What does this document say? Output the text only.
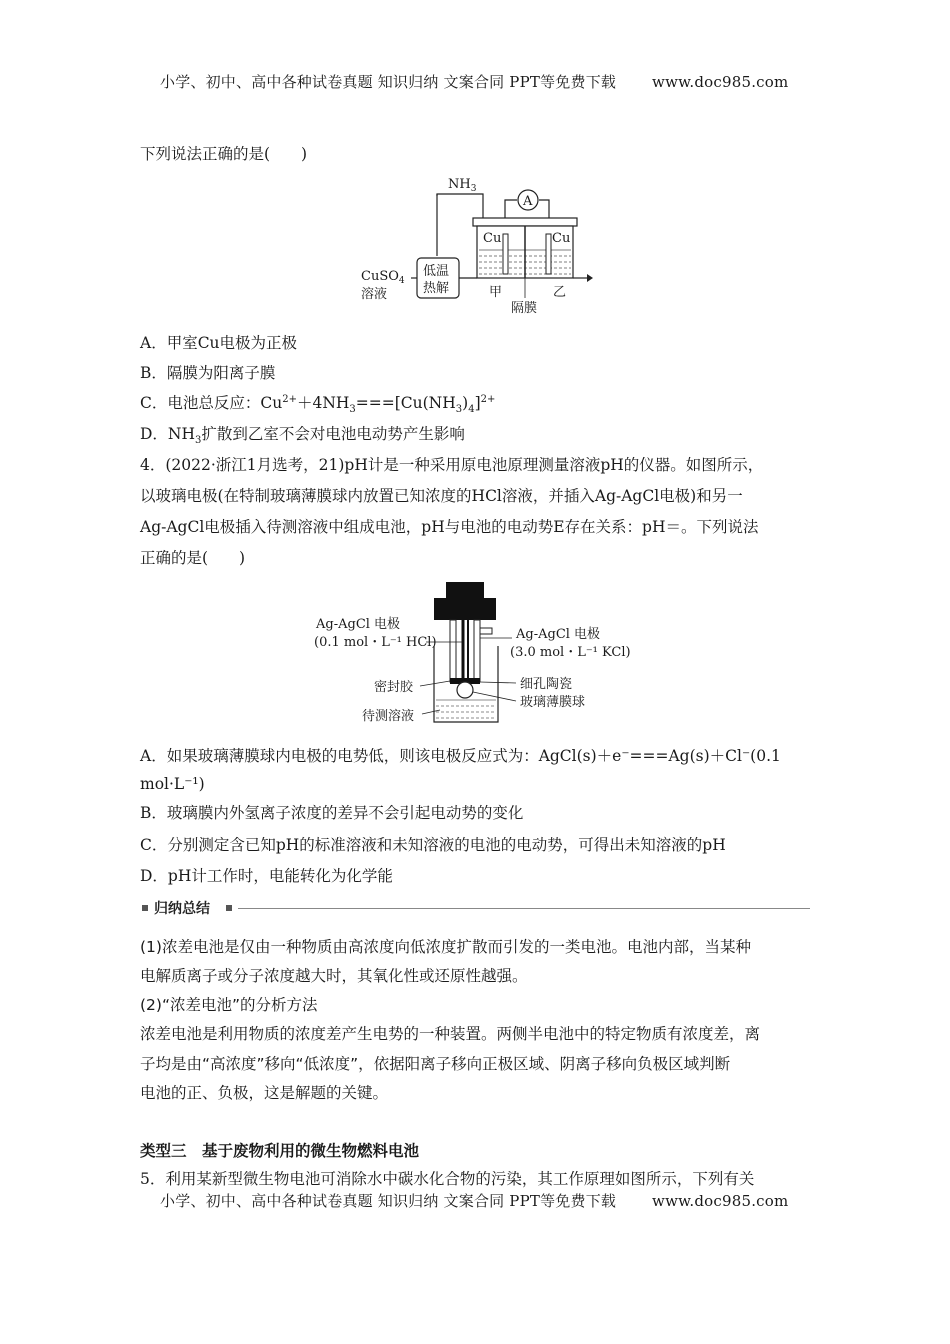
小学、初中、高中各种试卷真题 知识归纳 文案合同 PPT等免费下载 www.doc985.com
下列说法正确的是(　　)
$NH_3$
A
Cu	Cu
低温
热解
CuSO$_4$
溶液	甲	乙
隔膜
A．甲室Cu电极为正极
B．隔膜为阳离子膜
C．电池总反应：$Cu^{2+}+4NH_3===[Cu(NH_3)_4]^{2+}$
D．$NH_3$扩散到乙室不会对电池电动势产生影响
4．(2022·浙江1月选考，21)pH计是一种采用原电池原理测量溶液pH的仪器。如图所示，
以玻璃电极(在特制玻璃薄膜球内放置已知浓度的HCl溶液，并插入Ag-AgCl电极)和另一
Ag-AgCl电极插入待测溶液中组成电池，pH与电池的电动势E存在关系：pH＝。下列说法
正确的是(　　)
Ag-AgCl 电极
(0.1 mol・L⁻¹ HCl)
密封胶
待测溶液
Ag-AgCl 电极
(3.0 mol・L⁻¹ KCl)
细孔陶瓷
玻璃薄膜球
A．如果玻璃薄膜球内电极的电势低，则该电极反应式为：AgCl(s)＋e⁻===Ag(s)＋Cl⁻(0.1
mol·L⁻¹)
B．玻璃膜内外氢离子浓度的差异不会引起电动势的变化
C．分别测定含已知pH的标准溶液和未知溶液的电池的电动势，可得出未知溶液的pH
D．pH计工作时，电能转化为化学能
归纳总结
(1)浓差电池是仅由一种物质由高浓度向低浓度扩散而引发的一类电池。电池内部，当某种
电解质离子或分子浓度越大时，其氧化性或还原性越强。
(2)“浓差电池”的分析方法
浓差电池是利用物质的浓度差产生电势的一种装置。两侧半电池中的特定物质有浓度差，离
子均是由“高浓度”移向“低浓度”，依据阳离子移向正极区域、阴离子移向负极区域判断
电池的正、负极，这是解题的关键。
类型三　基于废物利用的微生物燃料电池
5．利用某新型微生物电池可消除水中碳水化合物的污染，其工作原理如图所示，下列有关
小学、初中、高中各种试卷真题 知识归纳 文案合同 PPT等免费下载 www.doc985.com
